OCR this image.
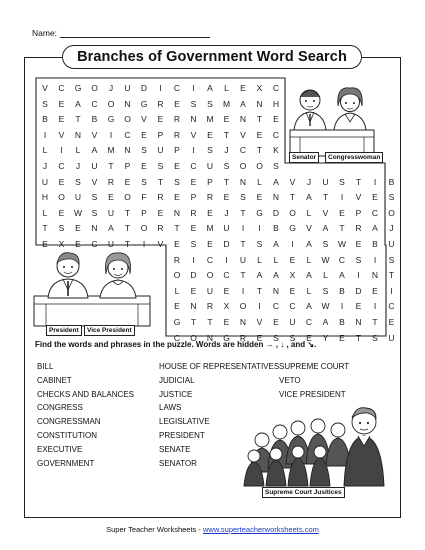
Name:
Branches of Government Word Search
V	C	G	O	J	U	D	I	C	I	A	L	E	X	C
S	E	A	C	O	N	G	R	E	S	S	M	A	N	H
B	E	T	B	G	O	V	E	R	N	M	E	N	T	E
I	V	N	V	I	C	E	P	R	V	E	T	V	E	C
L	I	L	A	M	N	S	U	P	I	S	J	C	T	K
J	C	J	U	T	P	E	S	E	C	U	S	O	O	S
U	E	S	V	R	E	S	T	S	E	P	T	N	L	A	V	J	U	S	T	I	B
H	O	U	S	E	O	F	R	E	P	R	E	S	E	N	T	A	T	I	V	E	S
L	E	W	S	U	T	P	E	N	R	E	J	T	G	D	O	L	V	E	P	C	O
T	S	E	N	A	T	O	R	T	E	M	U	I	I	B	G	V	A	T	R	A	J
E	X	E	C	U	T	I	V	E	S	E	D	T	S	A	I	A	S	W	E	B	U
R	I	C	I	U	L	L	E	L	W	C	S	I	S
O	D	O	C	T	A	A	X	A	L	A	I	N	T
L	E	U	E	I	T	N	E	L	S	B	D	E	I
E	N	R	X	O	I	C	C	A	W	I	E	I	C
G	T	T	E	N	V	E	U	C	A	B	N	T	E
C	O	N	G	R	E	S	S	E	Y	E	T	S	U
Senator	Congresswoman
President	Vice President
Find the words and phrases in the puzzle. Words are hidden → , ↓ , and ↘.
BILL
CABINET
CHECKS AND BALANCES
CONGRESS
CONGRESSMAN
CONSTITUTION
EXECUTIVE
GOVERNMENT
HOUSE OF REPRESENTATIVES
JUDICIAL
JUSTICE
LAWS
LEGISLATIVE
PRESIDENT
SENATE
SENATOR
SUPREME COURT
VETO
VICE PRESIDENT
Supreme Court Jusitices
Super Teacher Worksheets - www.superteacherworksheets.com
